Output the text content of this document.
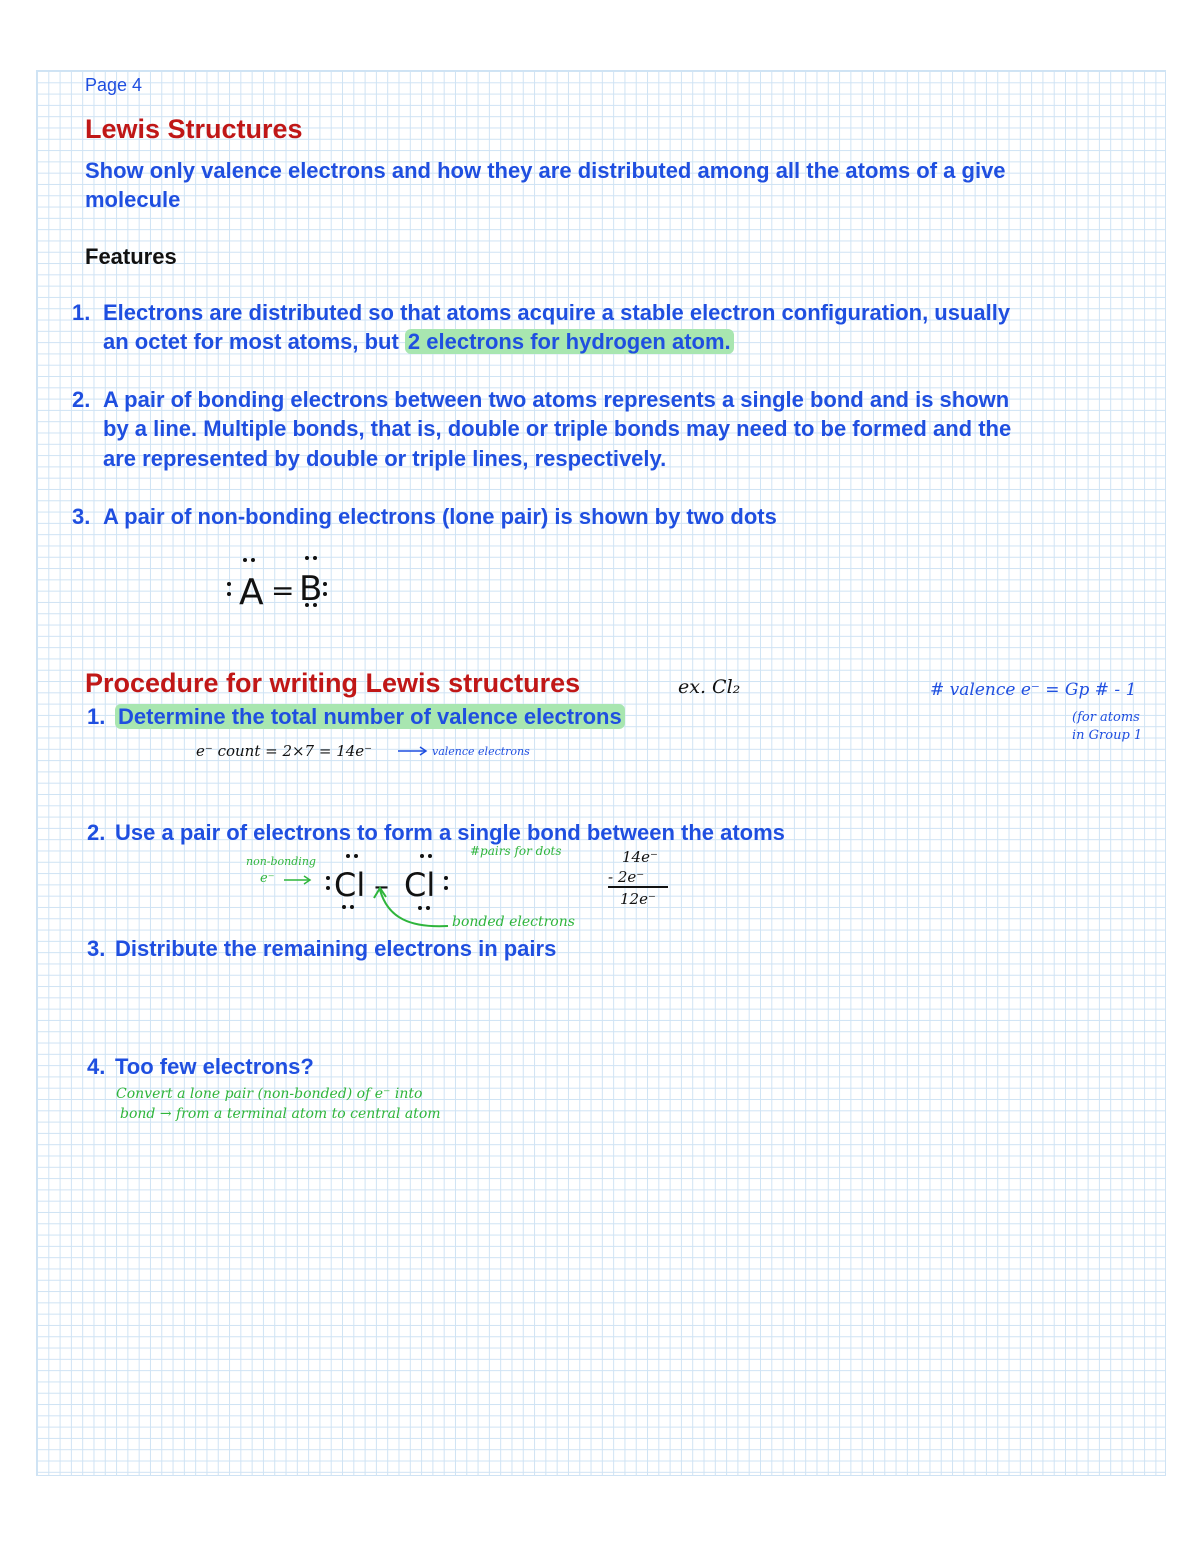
Page 4
Lewis Structures
Show only valence electrons and how they are distributed among all the atoms of a give
molecule
Features
1. Electrons are distributed so that atoms acquire a stable electron configuration, usually
an octet for most atoms, but 2 electrons for hydrogen atom.
2. A pair of bonding electrons between two atoms represents a single bond and is shown
by a line. Multiple bonds, that is, double or triple bonds may need to be formed and the
are represented by double or triple lines, respectively.
3. A pair of non-bonding electrons (lone pair) is shown by two dots
A = B
Procedure for writing Lewis structures	ex. Cl₂	# valence e⁻ = Gp # - 1
(for atoms
in Group 1
1. Determine the total number of valence electrons
e⁻ count = 2×7 = 14e⁻	valence electrons
2. Use a pair of electrons to form a single bond between the atoms
non-bonding
e⁻ Cl – Cl
#pairs for dots
bonded electrons
14e⁻
- 2e⁻
12e⁻
3. Distribute the remaining electrons in pairs
4. Too few electrons?
Convert a lone pair (non-bonded) of e⁻ into
bond → from a terminal atom to central atom
